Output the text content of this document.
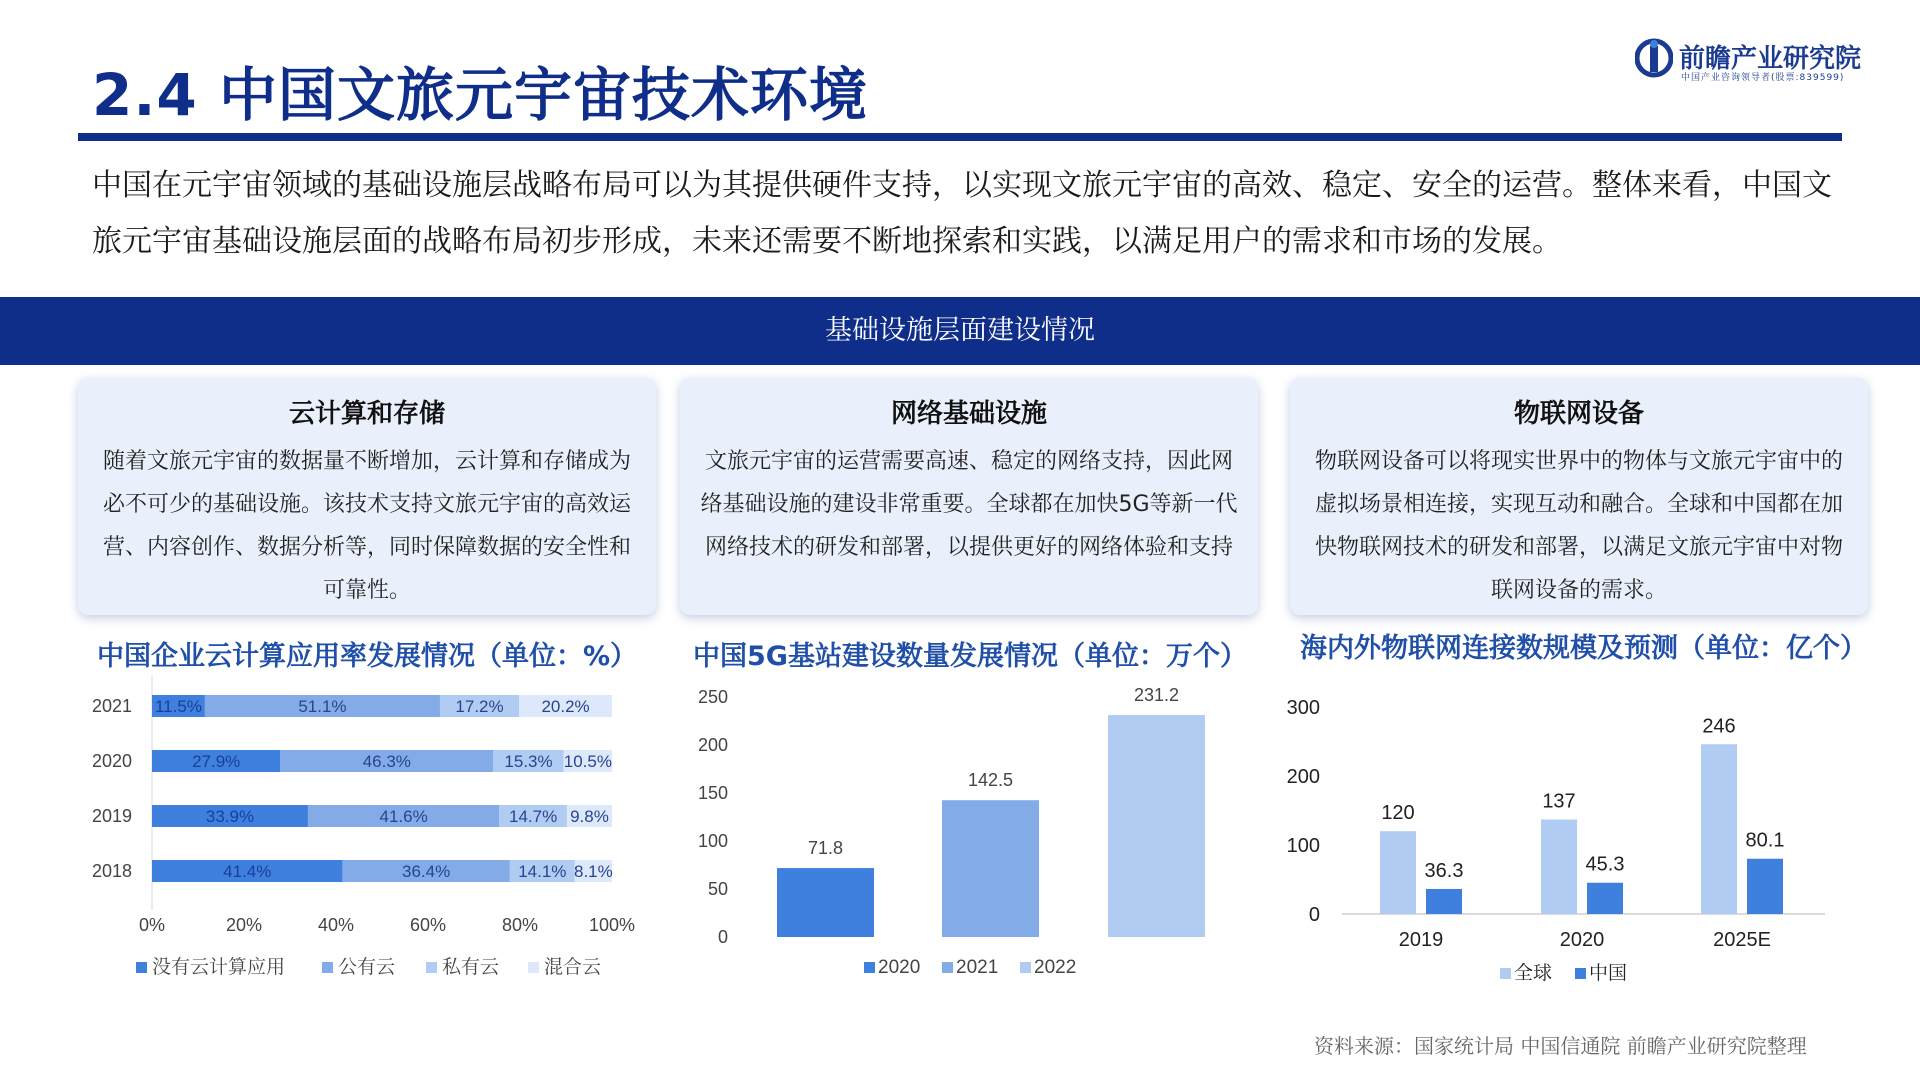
2.4 中国文旅元宇宙技术环境
前瞻产业研究院
中国产业咨询领导者(股票:839599)
中国在元宇宙领域的基础设施层战略布局可以为其提供硬件支持，以实现文旅元宇宙的高效、稳定、安全的运营。整体来看，中国文旅元宇宙基础设施层面的战略布局初步形成，未来还需要不断地探索和实践，以满足用户的需求和市场的发展。
基础设施层面建设情况
云计算和存储

随着文旅元宇宙的数据量不断增加，云计算和存储成为必不可少的基础设施。该技术支持文旅元宇宙的高效运营、内容创作、数据分析等，同时保障数据的安全性和可靠性。

网络基础设施

文旅元宇宙的运营需要高速、稳定的网络支持，因此网络基础设施的建设非常重要。全球都在加快5G等新一代网络技术的研发和部署，以提供更好的网络体验和支持

物联网设备

物联网设备可以将现实世界中的物体与文旅元宇宙中的虚拟场景相连接，实现互动和融合。全球和中国都在加快物联网技术的研发和部署，以满足文旅元宇宙中对物联网设备的需求。

中国企业云计算应用率发展情况（单位：%）	中国5G基站建设数量发展情况（单位：万个）	海内外物联网连接数规模及预测（单位：亿个）
2021 11.5%	51.1%	17.2% 20.2%
2020	27.9%	46.3%	15.3% 10.5%
2019	33.9%	41.6%	14.7% 9.8%
2018	41.4%	36.4%	14.1% 8.1%
0%	20%	40%	60%	80%	100%
没有云计算应用	公有云 私有云 混合云
0
50
100
150
200
250
71.8
142.5
231.2
2020 2021 2022
0
100
200
300
120
36.3
2019
137
45.3
2020
246
80.1
2025E
全球 中国
资料来源：国家统计局 中国信通院 前瞻产业研究院整理
